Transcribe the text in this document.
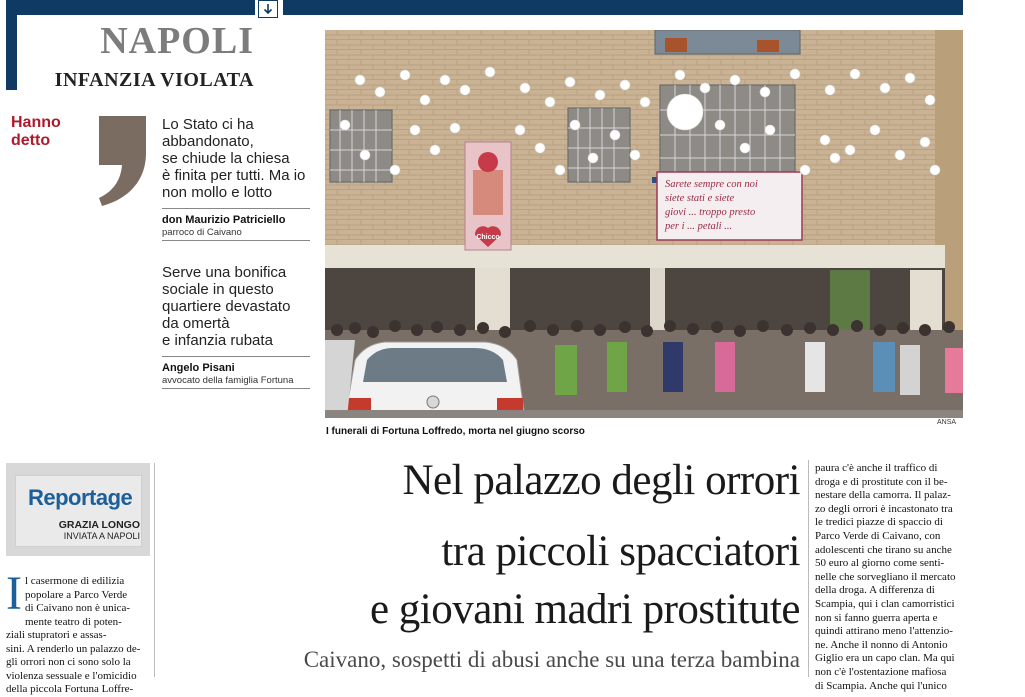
NAPOLI
INFANZIA VIOLATA
Hanno detto
Lo Stato ci ha
abbandonato,
se chiude la chiesa
è finita per tutti. Ma io
non mollo e lotto
don Maurizio Patriciello
parroco di Caivano
Serve una bonifica
sociale in questo
quartiere devastato
da omertà
e infanzia rubata
Angelo Pisani
avvocato della famiglia Fortuna
Chicco
Sarete sempre con noi
siete stati e siete
giovi ... troppo presto
per i ... petali ...
I funerali di Fortuna Loffredo, morta nel giugno scorso
ANSA
Reportage
GRAZIA LONGO
INVIATA A NAPOLI
I l casermone di edilizia
popolare a Parco Verde
di Caivano non è unica-
mente teatro di poten-
ziali stupratori e assas-
sini. A renderlo un palazzo de-
gli orrori non ci sono solo la
violenza sessuale e l'omicidio
della piccola Fortuna Loffre-
Nel palazzo degli orrori
tra piccoli spacciatori
e giovani madri prostitute
Caivano, sospetti di abusi anche su una terza bambina
paura c'è anche il traffico di
droga e di prostitute con il be-
nestare della camorra. Il palaz-
zo degli orrori è incastonato tra
le tredici piazze di spaccio di
Parco Verde di Caivano, con
adolescenti che tirano su anche
50 euro al giorno come senti-
nelle che sorvegliano il mercato
della droga. A differenza di
Scampia, qui i clan camorristici
non si fanno guerra aperta e
quindi attirano meno l'attenzio-
ne. Anche il nonno di Antonio
Giglio era un capo clan. Ma qui
non c'è l'ostentazione mafiosa
di Scampia. Anche qui l'unico
